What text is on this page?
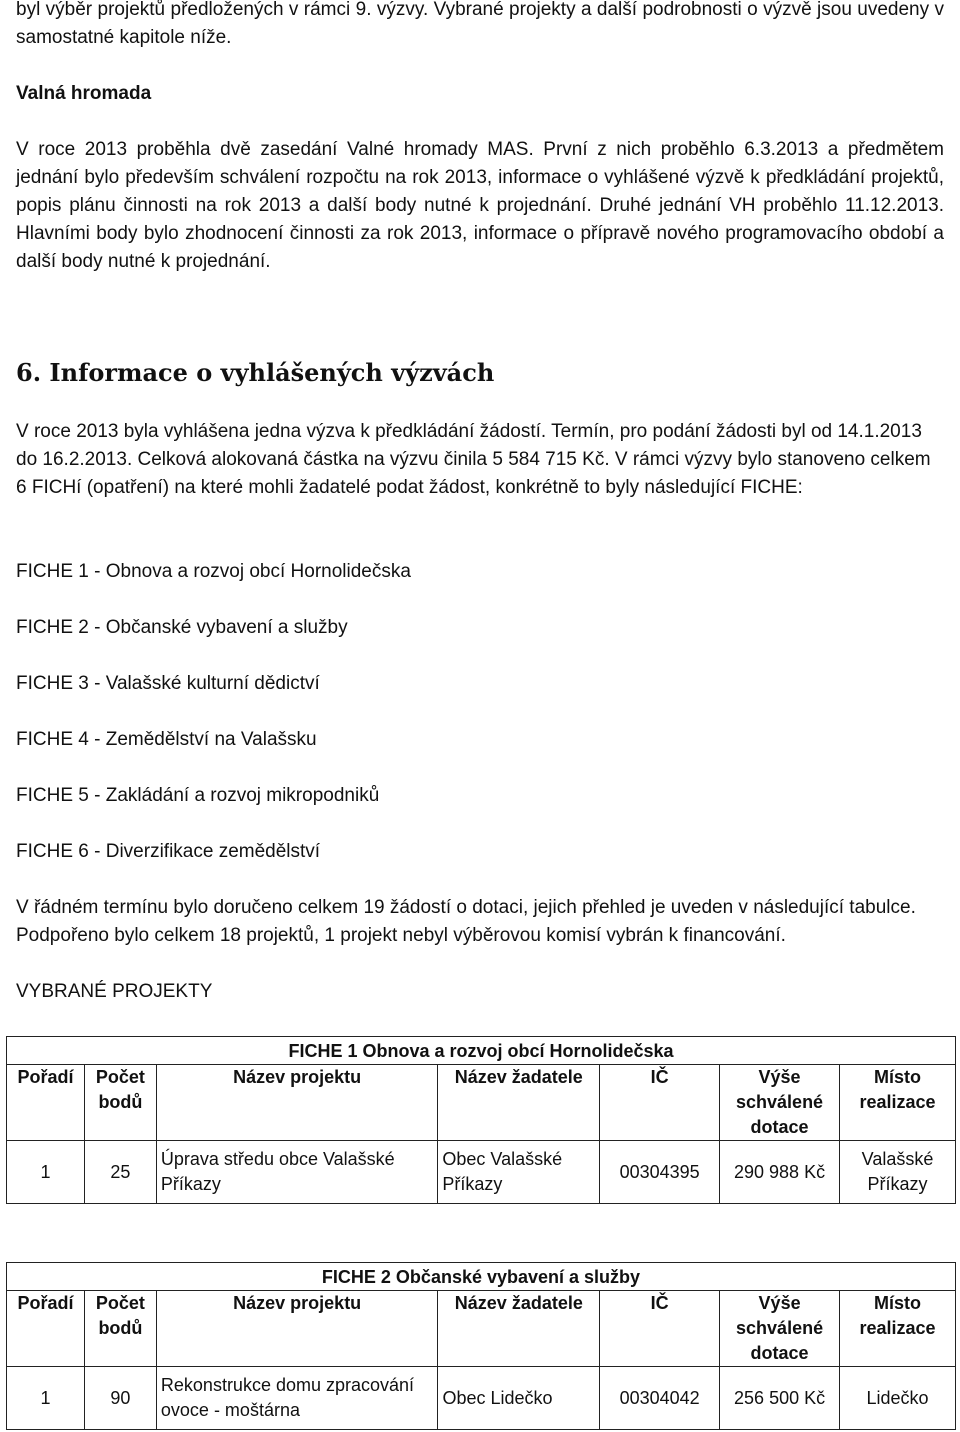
byl výběr projektů předložených v rámci 9. výzvy. Vybrané projekty a další podrobnosti o výzvě jsou uvedeny v samostatné kapitole níže.

Valná hromada

V roce 2013 proběhla dvě zasedání Valné hromady MAS. První z nich proběhlo 6.3.2013 a předmětem jednání bylo především schválení rozpočtu na rok 2013, informace o vyhlášené výzvě k předkládání projektů, popis plánu činnosti na rok 2013 a další body nutné k projednání. Druhé jednání VH proběhlo 11.12.2013. Hlavními body bylo zhodnocení činnosti za rok 2013, informace o přípravě nového programovacího období a další body nutné k projednání.

6. Informace o vyhlášených výzvách

V roce 2013 byla vyhlášena jedna výzva k předkládání žádostí. Termín, pro podání žádosti byl od 14.1.2013 do 16.2.2013. Celková alokovaná částka na výzvu činila 5 584 715 Kč. V rámci výzvy bylo stanoveno celkem 6 FICHí (opatření) na které mohli žadatelé podat žádost, konkrétně to byly následující FICHE:

FICHE 1 - Obnova a rozvoj obcí Hornolidečska

FICHE 2 - Občanské vybavení a služby

FICHE 3 - Valašské kulturní dědictví

FICHE 4 - Zemědělství na Valašsku

FICHE 5 - Zakládání a rozvoj mikropodniků

FICHE 6 - Diverzifikace zemědělství

V řádném termínu bylo doručeno celkem 19 žádostí o dotaci, jejich přehled je uveden v následující tabulce. Podpořeno bylo celkem 18 projektů, 1 projekt nebyl výběrovou komisí vybrán k financování.

VYBRANÉ PROJEKTY

FICHE 1 Obnova a rozvoj obcí Hornolidečska						
Pořadí	Počet bodů	Název projektu	Název žadatele	IČ	Výše schválené dotace	Místo realizace
1	25	Úprava středu obce Valašské Příkazy	Obec Valašské Příkazy	00304395	290 988 Kč	Valašské Příkazy
FICHE 2 Občanské vybavení a služby						
Pořadí	Počet bodů	Název projektu	Název žadatele	IČ	Výše schválené dotace	Místo realizace
1	90	Rekonstrukce domu zpracování ovoce - moštárna	Obec Lidečko	00304042	256 500 Kč	Lidečko
